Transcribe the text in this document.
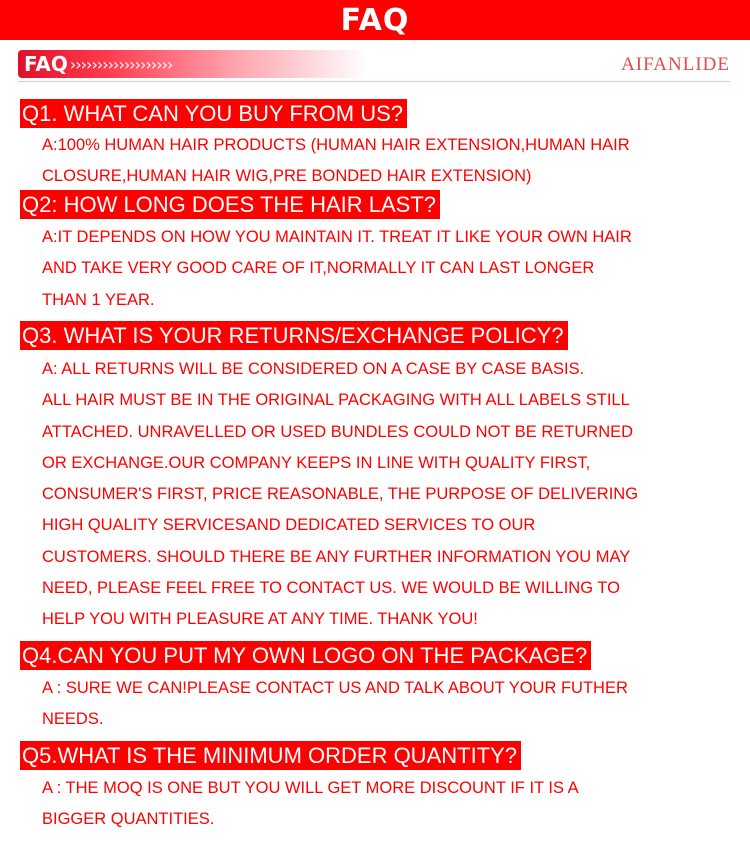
FAQ
FAQ ›››››››››››››››››››	AIFANLIDE
Q1. WHAT CAN YOU BUY FROM US?
A:100% HUMAN HAIR PRODUCTS (HUMAN HAIR EXTENSION,HUMAN HAIR
CLOSURE,HUMAN HAIR WIG,PRE BONDED HAIR EXTENSION)
Q2: HOW LONG DOES THE HAIR LAST?
A:IT DEPENDS ON HOW YOU MAINTAIN IT. TREAT IT LIKE YOUR OWN HAIR
AND TAKE VERY GOOD CARE OF IT,NORMALLY IT CAN LAST LONGER
THAN 1 YEAR.
Q3. WHAT IS YOUR RETURNS/EXCHANGE POLICY?
A: ALL RETURNS WILL BE CONSIDERED ON A CASE BY CASE BASIS.
ALL HAIR MUST BE IN THE ORIGINAL PACKAGING WITH ALL LABELS STILL
ATTACHED. UNRAVELLED OR USED BUNDLES COULD NOT BE RETURNED
OR EXCHANGE.OUR COMPANY KEEPS IN LINE WITH QUALITY FIRST,
CONSUMER'S FIRST, PRICE REASONABLE, THE PURPOSE OF DELIVERING
HIGH QUALITY SERVICESAND DEDICATED SERVICES TO OUR
CUSTOMERS. SHOULD THERE BE ANY FURTHER INFORMATION YOU MAY
NEED, PLEASE FEEL FREE TO CONTACT US. WE WOULD BE WILLING TO
HELP YOU WITH PLEASURE AT ANY TIME. THANK YOU!
Q4.CAN YOU PUT MY OWN LOGO ON THE PACKAGE?
A : SURE WE CAN!PLEASE CONTACT US AND TALK ABOUT YOUR FUTHER
NEEDS.
Q5.WHAT IS THE MINIMUM ORDER QUANTITY?
A : THE MOQ IS ONE BUT YOU WILL GET MORE DISCOUNT IF IT IS A
BIGGER QUANTITIES.
